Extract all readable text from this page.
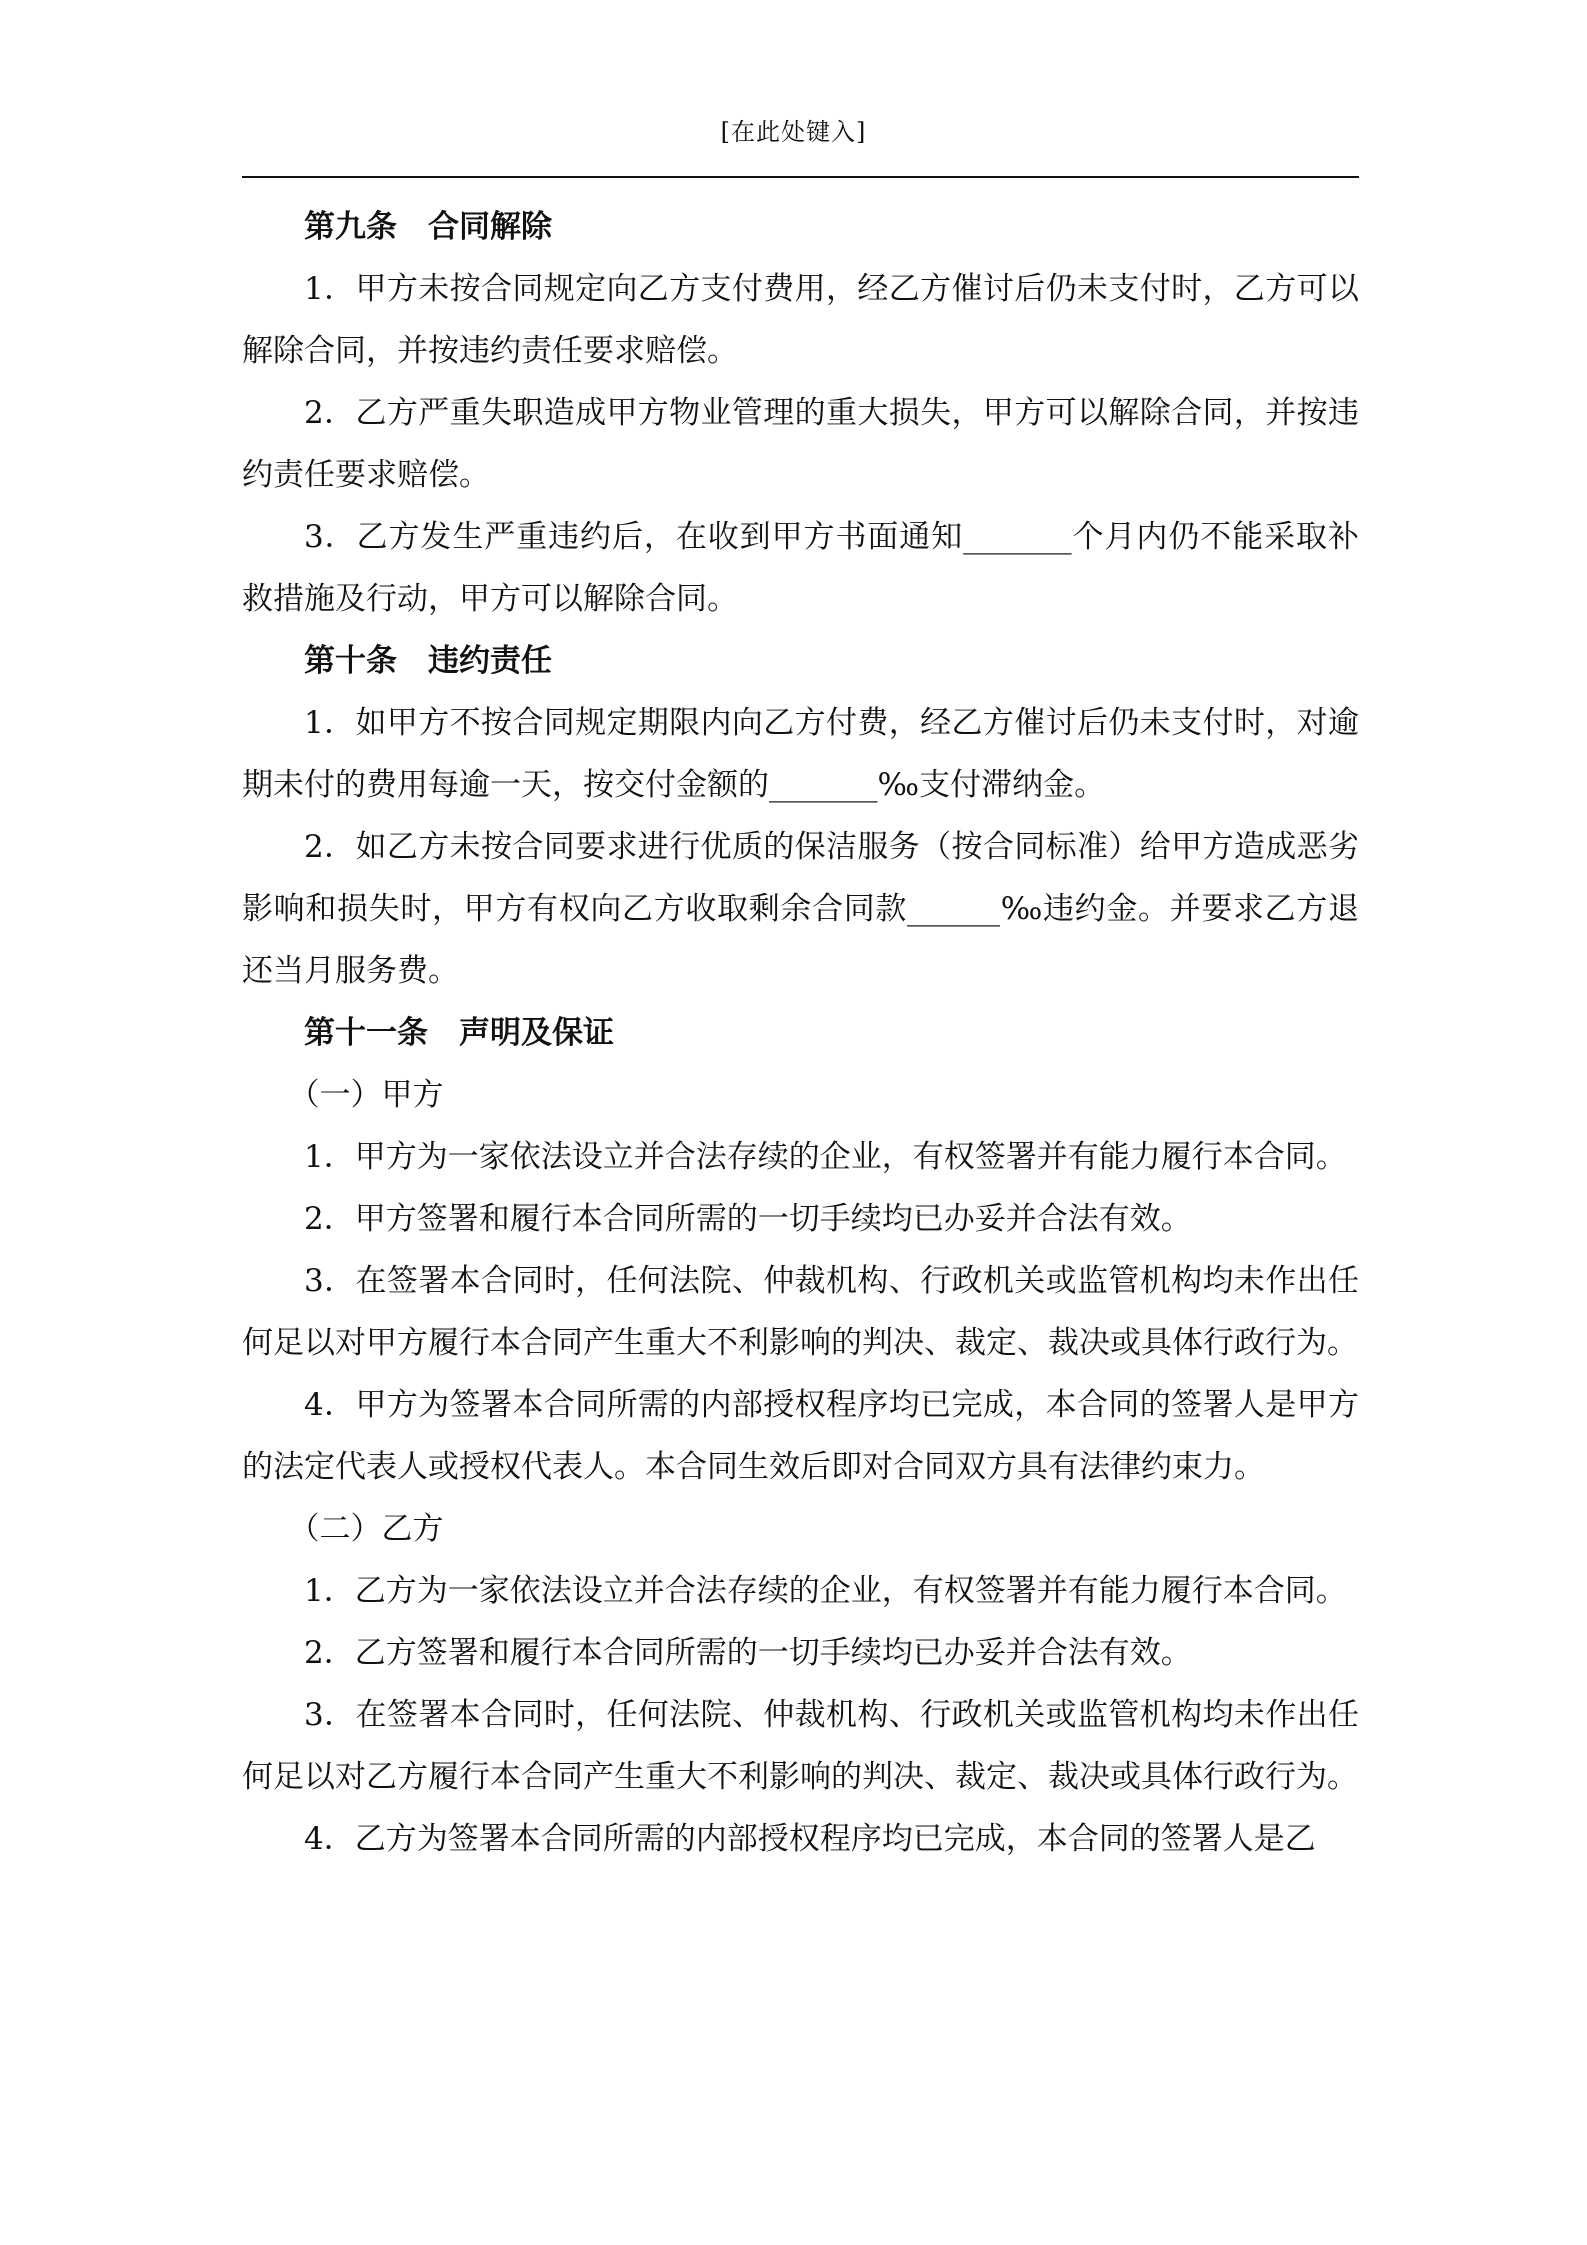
[在此处键入]

第九条　合同解除

1．甲方未按合同规定向乙方支付费用，经乙方催讨后仍未支付时，乙方可以解除合同，并按违约责任要求赔偿。

2．乙方严重失职造成甲方物业管理的重大损失，甲方可以解除合同，并按违约责任要求赔偿。

3．乙方发生严重违约后，在收到甲方书面通知_______个月内仍不能采取补救措施及行动，甲方可以解除合同。

第十条　违约责任

1．如甲方不按合同规定期限内向乙方付费，经乙方催讨后仍未支付时，对逾期未付的费用每逾一天，按交付金额的_______‰支付滞纳金。

2．如乙方未按合同要求进行优质的保洁服务（按合同标准）给甲方造成恶劣影响和损失时，甲方有权向乙方收取剩余合同款______‰违约金。并要求乙方退还当月服务费。

第十一条　声明及保证

（一）甲方

1．甲方为一家依法设立并合法存续的企业，有权签署并有能力履行本合同。

2．甲方签署和履行本合同所需的一切手续均已办妥并合法有效。

3．在签署本合同时，任何法院、仲裁机构、行政机关或监管机构均未作出任何足以对甲方履行本合同产生重大不利影响的判决、裁定、裁决或具体行政行为。

4．甲方为签署本合同所需的内部授权程序均已完成，本合同的签署人是甲方的法定代表人或授权代表人。本合同生效后即对合同双方具有法律约束力。

（二）乙方

1．乙方为一家依法设立并合法存续的企业，有权签署并有能力履行本合同。

2．乙方签署和履行本合同所需的一切手续均已办妥并合法有效。

3．在签署本合同时，任何法院、仲裁机构、行政机关或监管机构均未作出任何足以对乙方履行本合同产生重大不利影响的判决、裁定、裁决或具体行政行为。

4．乙方为签署本合同所需的内部授权程序均已完成，本合同的签署人是乙
